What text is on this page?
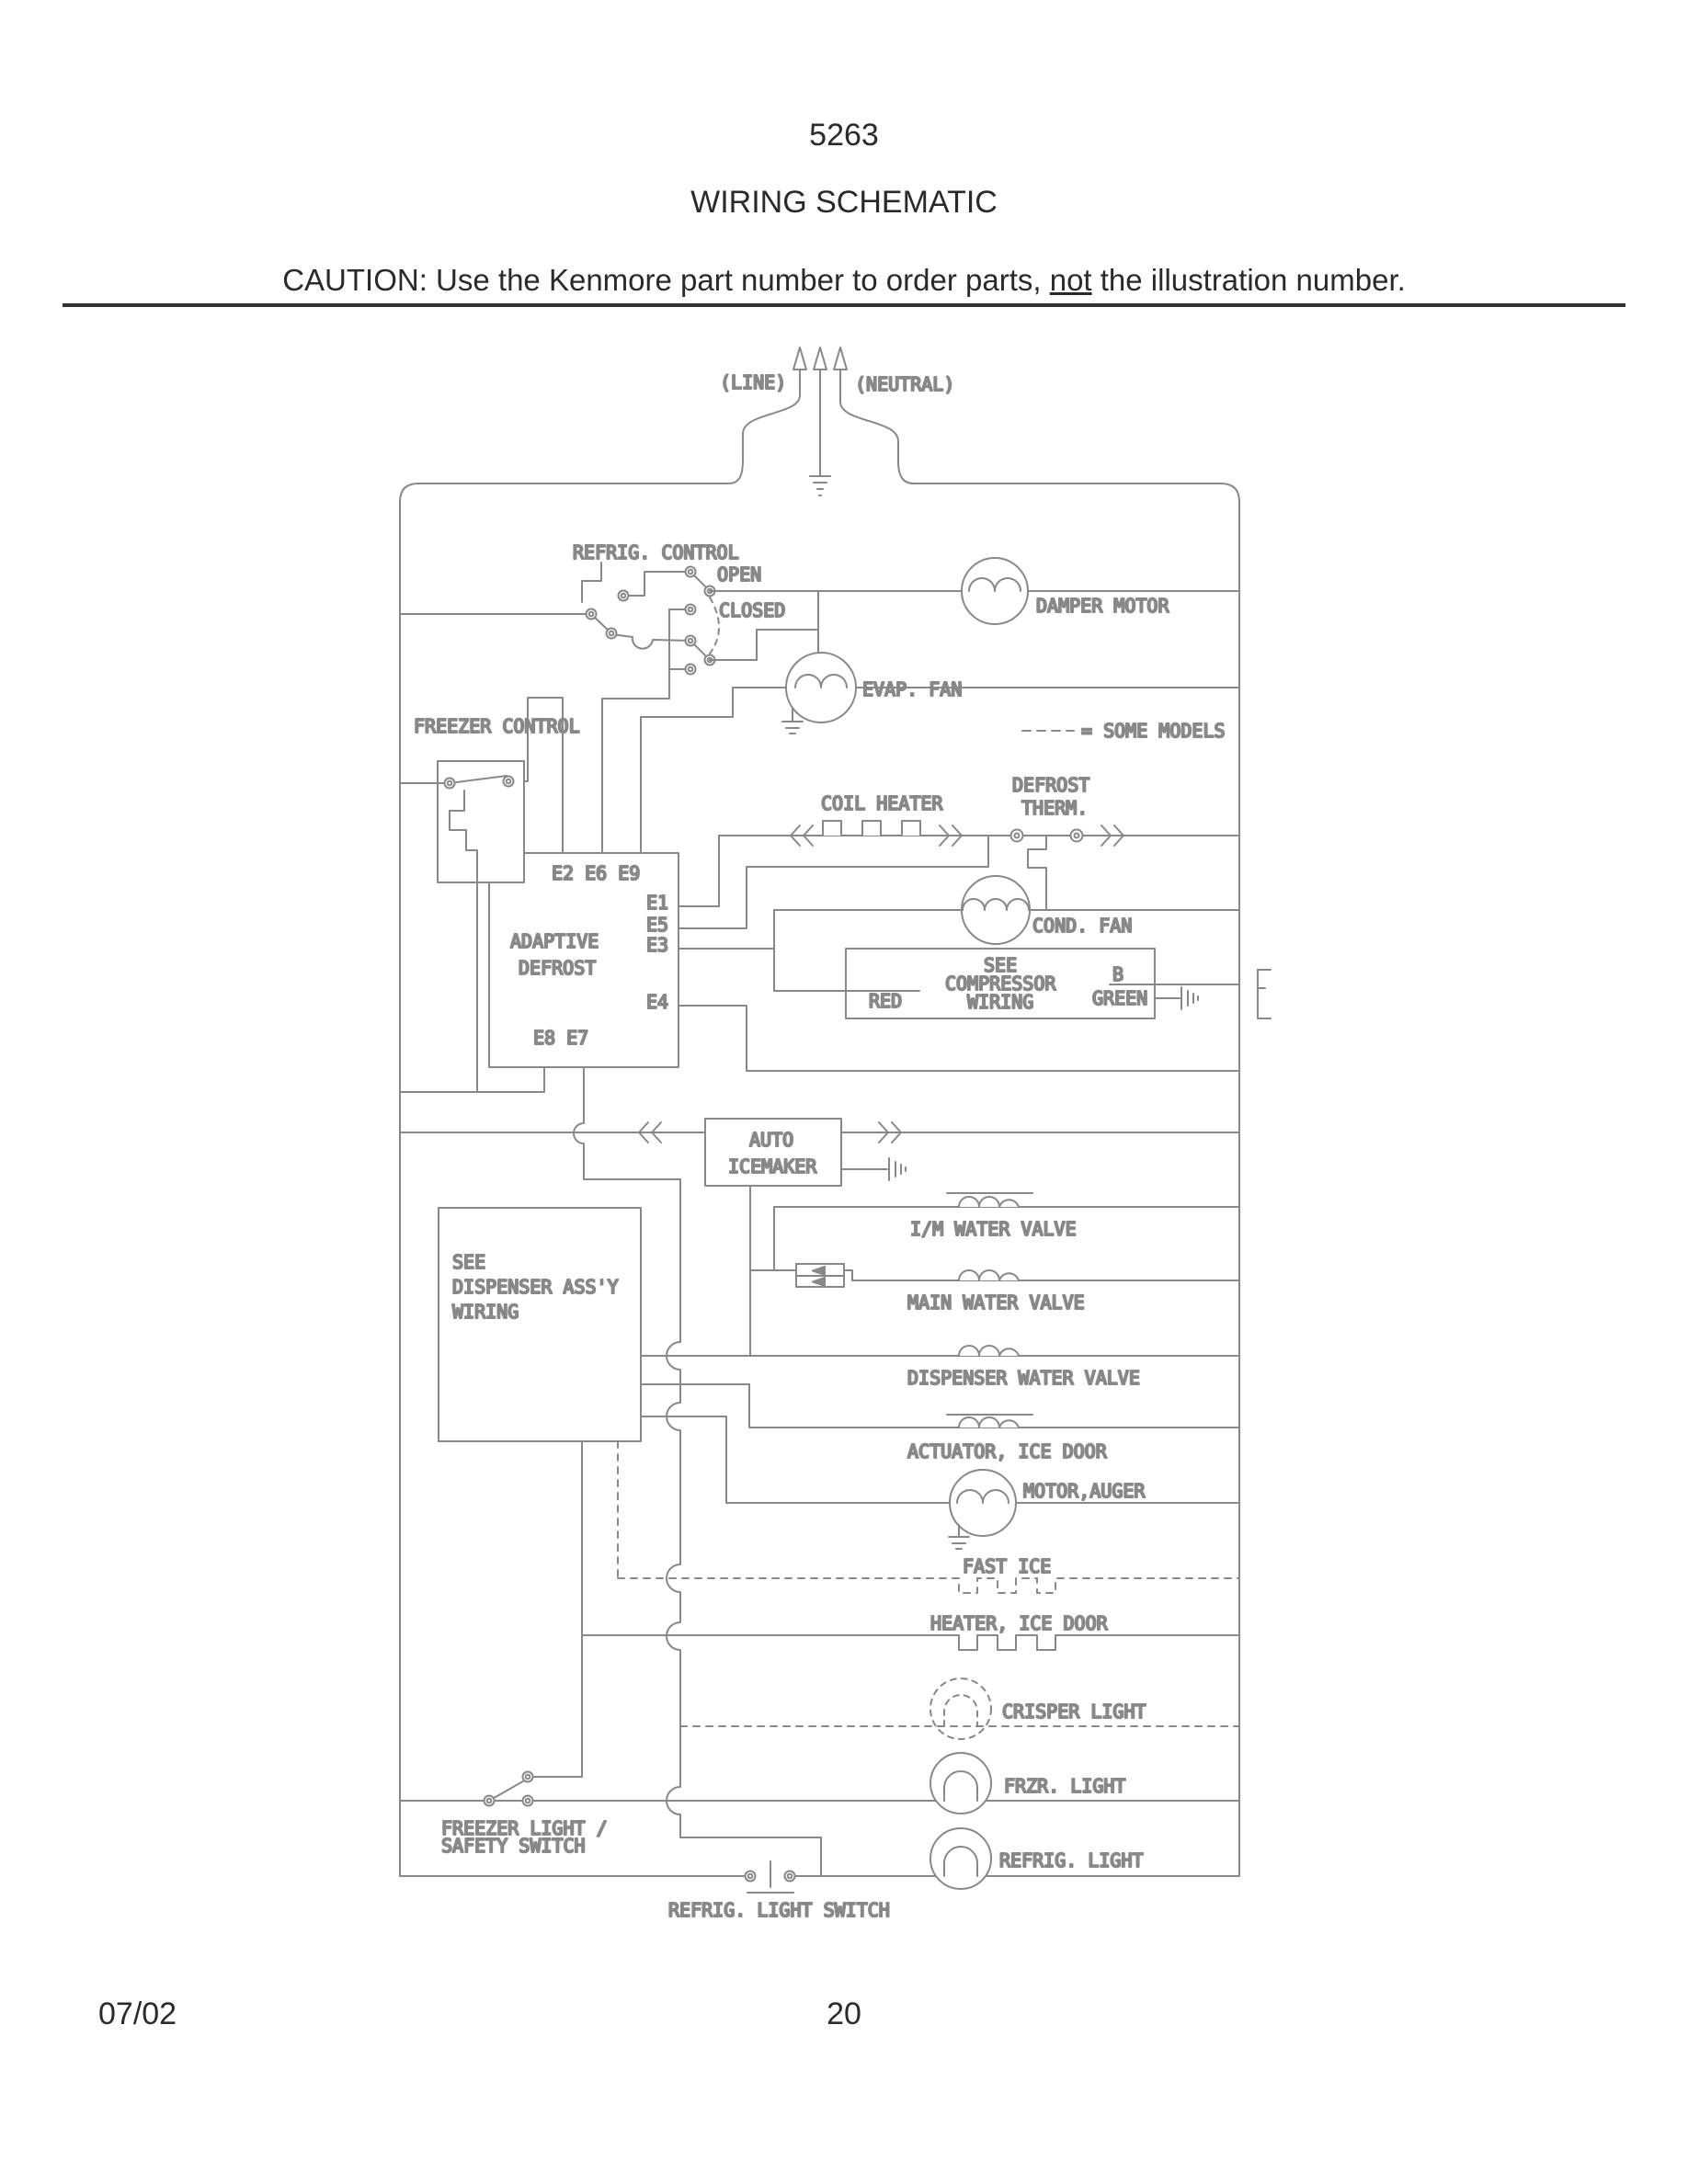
5263
WIRING SCHEMATIC
CAUTION: Use the Kenmore part number to order parts, not the illustration number.
(LINE)	(NEUTRAL)
REFRIG. CONTROL
OPEN
CLOSED	DAMPER MOTOR
EVAP. FAN
= SOME MODELS
COIL HEATER
DEFROST
THERM.
E2 E6 E9
E1
E5
E3
E4
ADAPTIVE
DEFROST
E8 E7
COND. FAN
SEE
COMPRESSOR
WIRING
RED
B
GREEN
AUTO
ICEMAKER
I/M WATER VALVE
MAIN WATER VALVE
DISPENSER WATER VALVE
SEE
DISPENSER ASS'Y
WIRING
ACTUATOR, ICE DOOR
MOTOR,AUGER
FAST ICE
HEATER, ICE DOOR
CRISPER LIGHT
FRZR. LIGHT
FREEZER LIGHT /
SAFETY SWITCH
REFRIG. LIGHT
REFRIG. LIGHT SWITCH
FREEZER CONTROL
07/02	20
